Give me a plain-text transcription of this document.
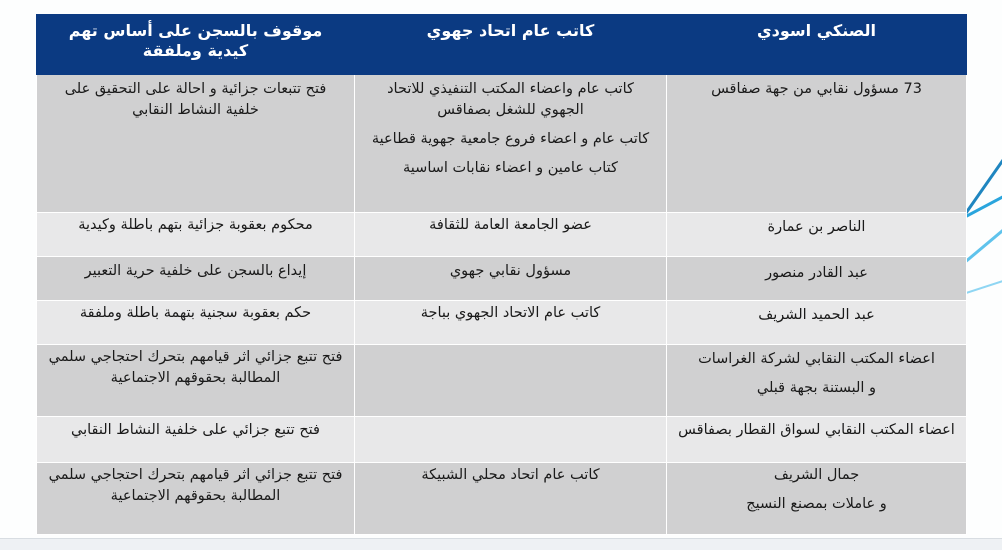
الصنكي اسودي	كاتب عام اتحاد جهوي	موقوف بالسجن على أساس تهم كيدية وملفقة
73 مسؤول نقابي من جهة صفاقس	كاتب عام واعضاء المكتب التنفيذي للاتحاد الجهوي للشغل بصفاقس
كاتب عام و اعضاء فروع جامعية جهوية قطاعية
كتاب عامين و اعضاء نقابات اساسية	فتح تتبعات جزائية و احالة على التحقيق على خلفية النشاط النقابي
الناصر بن عمارة	عضو الجامعة العامة للثقافة	محكوم بعقوبة جزائية بتهم باطلة وكيدية
عبد القادر منصور	مسؤول نقابي جهوي	إيداع بالسجن على خلفية حرية التعبير
عبد الحميد الشريف	كاتب عام الاتحاد الجهوي بباجة	حكم بعقوبة سجنية بتهمة باطلة وملفقة

اعضاء المكتب النقابي لشركة الغراسات
و البستنة بجهة قبلي		فتح تتبع جزائي اثر قيامهم بتحرك احتجاجي سلمي المطالبة بحقوقهم الاجتماعية
اعضاء المكتب النقابي لسواق القطار بصفاقس		فتح تتبع جزائي على خلفية النشاط النقابي

جمال الشريف
و عاملات بمصنع النسيج	كاتب عام اتحاد محلي الشبيكة	فتح تتبع جزائي اثر قيامهم بتحرك احتجاجي سلمي المطالبة بحقوقهم الاجتماعية
